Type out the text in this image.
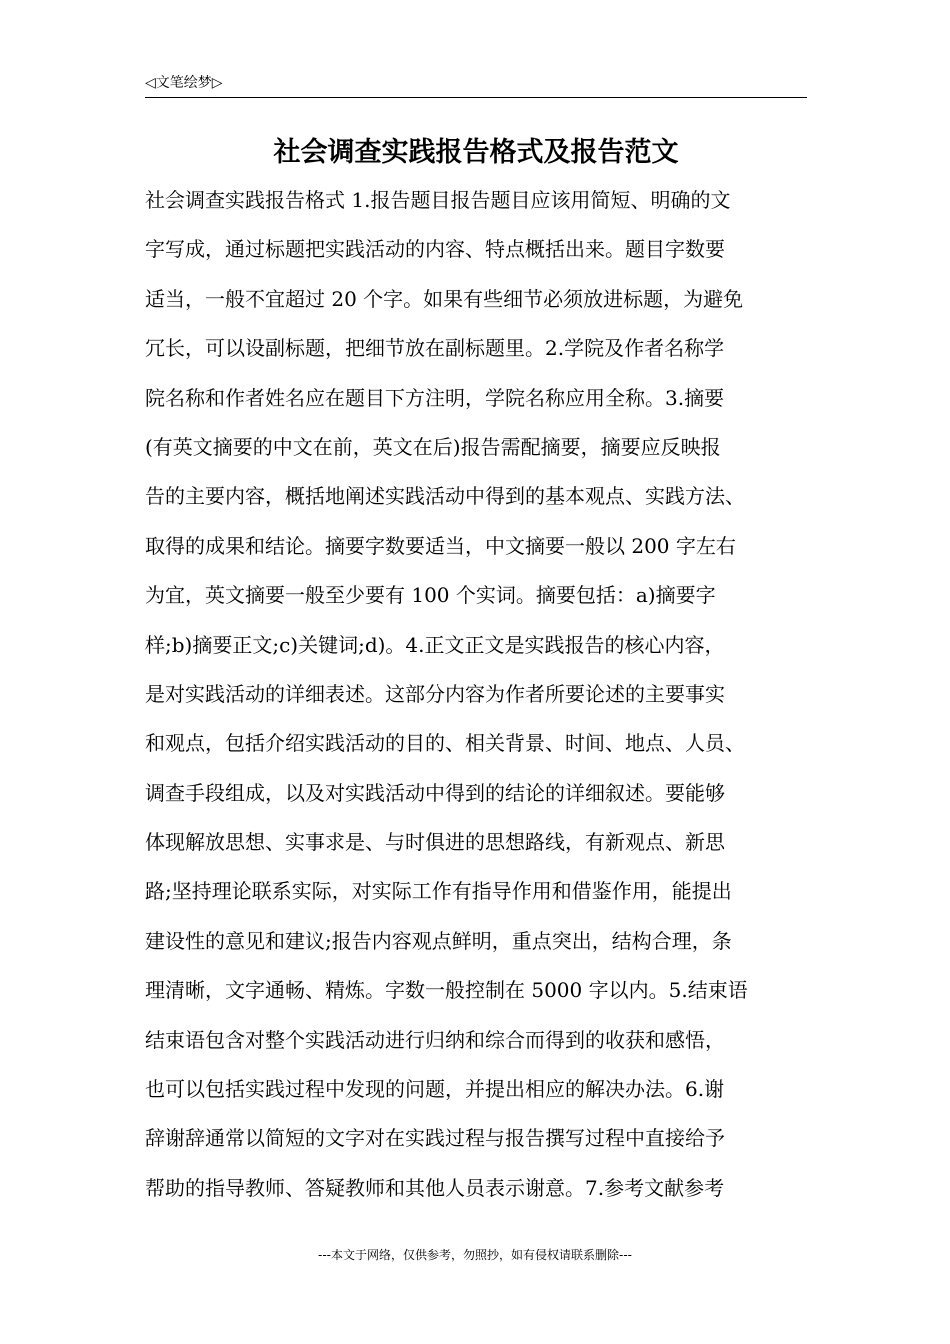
◁文笔绘梦▷
社会调查实践报告格式及报告范文
社会调查实践报告格式 1.报告题目报告题目应该用简短、明确的文
字写成，通过标题把实践活动的内容、特点概括出来。题目字数要
适当，一般不宜超过 20 个字。如果有些细节必须放进标题，为避免
冗长，可以设副标题，把细节放在副标题里。2.学院及作者名称学
院名称和作者姓名应在题目下方注明，学院名称应用全称。3.摘要
(有英文摘要的中文在前，英文在后)报告需配摘要，摘要应反映报
告的主要内容，概括地阐述实践活动中得到的基本观点、实践方法、
取得的成果和结论。摘要字数要适当，中文摘要一般以 200 字左右
为宜，英文摘要一般至少要有 100 个实词。摘要包括：a)摘要字
样;b)摘要正文;c)关键词;d)。4.正文正文是实践报告的核心内容，
是对实践活动的详细表述。这部分内容为作者所要论述的主要事实
和观点，包括介绍实践活动的目的、相关背景、时间、地点、人员、
调查手段组成，以及对实践活动中得到的结论的详细叙述。要能够
体现解放思想、实事求是、与时俱进的思想路线，有新观点、新思
路;坚持理论联系实际，对实际工作有指导作用和借鉴作用，能提出
建设性的意见和建议;报告内容观点鲜明，重点突出，结构合理，条
理清晰，文字通畅、精炼。字数一般控制在 5000 字以内。5.结束语
结束语包含对整个实践活动进行归纳和综合而得到的收获和感悟，
也可以包括实践过程中发现的问题，并提出相应的解决办法。6.谢
辞谢辞通常以简短的文字对在实践过程与报告撰写过程中直接给予
帮助的指导教师、答疑教师和其他人员表示谢意。7.参考文献参考
---本文于网络，仅供参考，勿照抄，如有侵权请联系删除---
